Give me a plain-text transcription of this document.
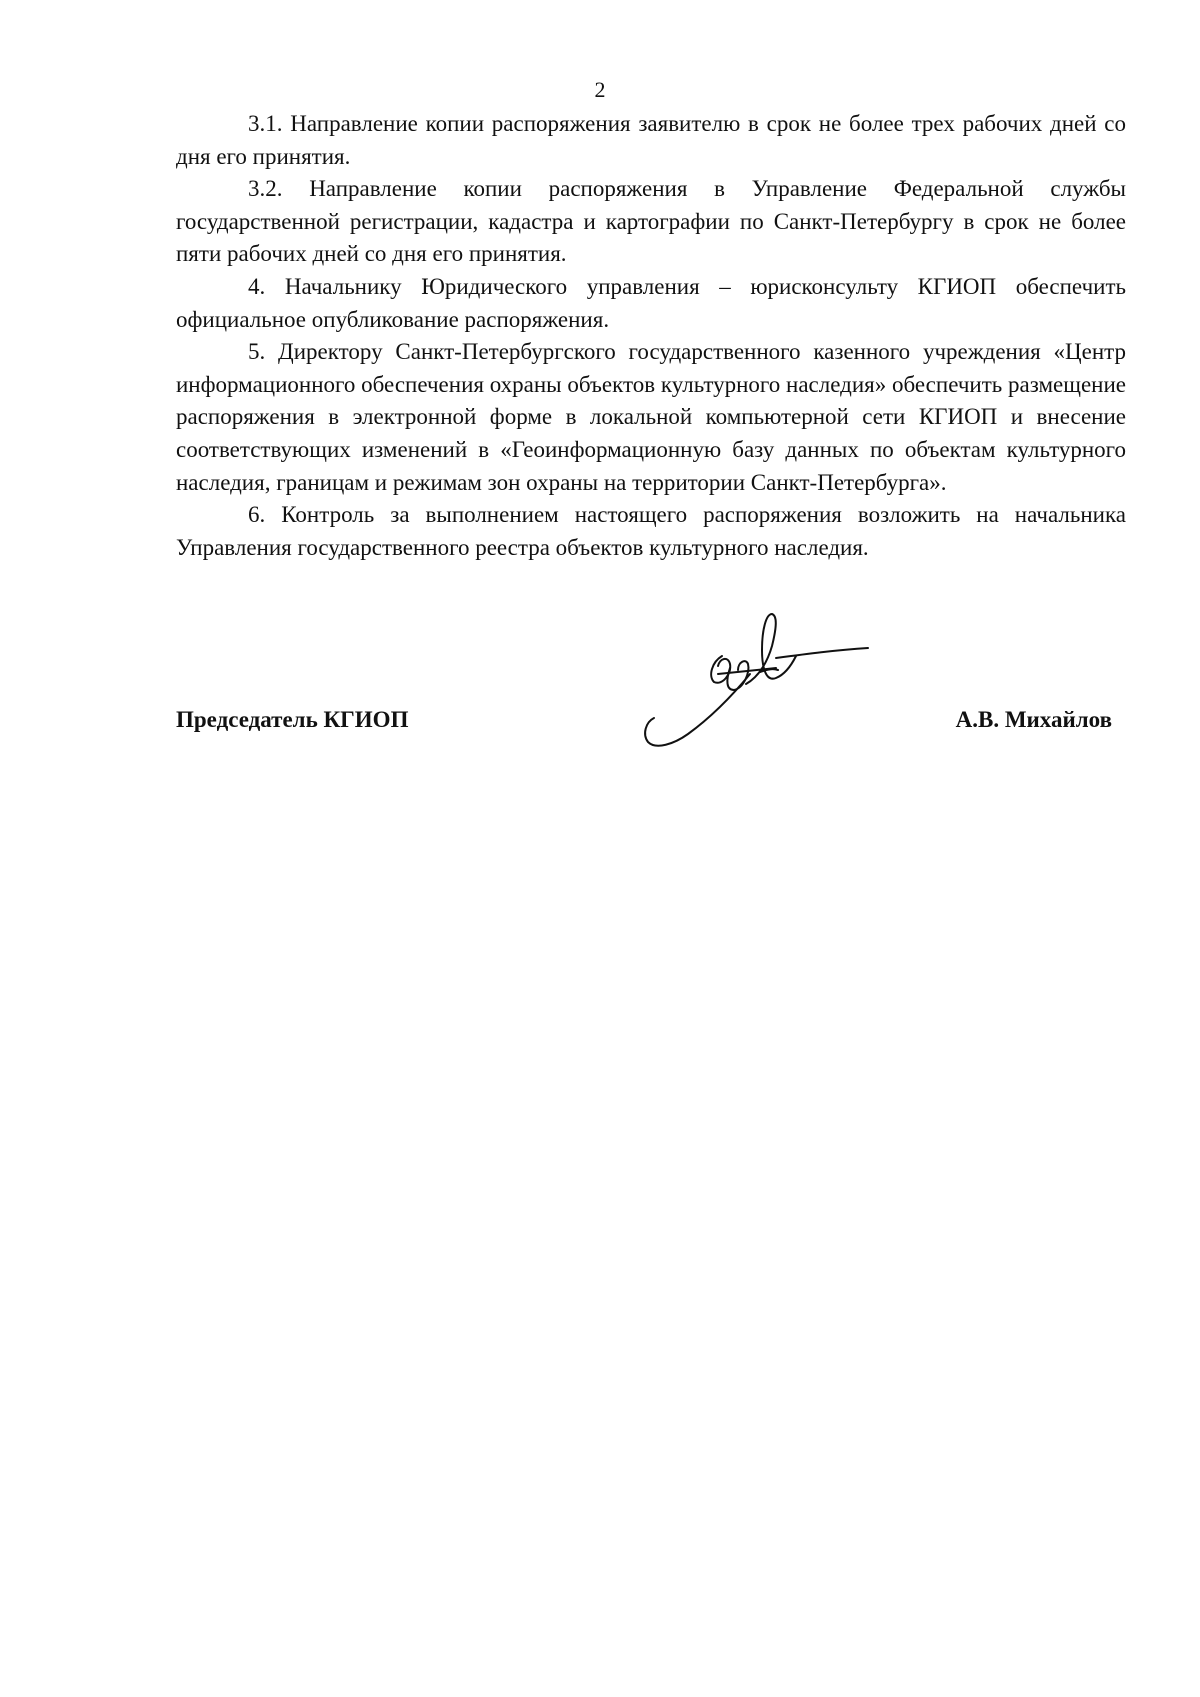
2

3.1. Направление копии распоряжения заявителю в срок не более трех рабочих дней со дня его принятия.

3.2. Направление копии распоряжения в Управление Федеральной службы государственной регистрации, кадастра и картографии по Санкт-Петербургу в срок не более пяти рабочих дней со дня его принятия.

4. Начальнику Юридического управления – юрисконсульту КГИОП обеспечить официальное опубликование распоряжения.

5. Директору Санкт-Петербургского государственного казенного учреждения «Центр информационного обеспечения охраны объектов культурного наследия» обеспечить размещение распоряжения в электронной форме в локальной компьютерной сети КГИОП и внесение соответствующих изменений в «Геоинформационную базу данных по объектам культурного наследия, границам и режимам зон охраны на территории Санкт-Петербурга».

6. Контроль за выполнением настоящего распоряжения возложить на начальника Управления государственного реестра объектов культурного наследия.

Председатель КГИОП	А.В. Михайлов
